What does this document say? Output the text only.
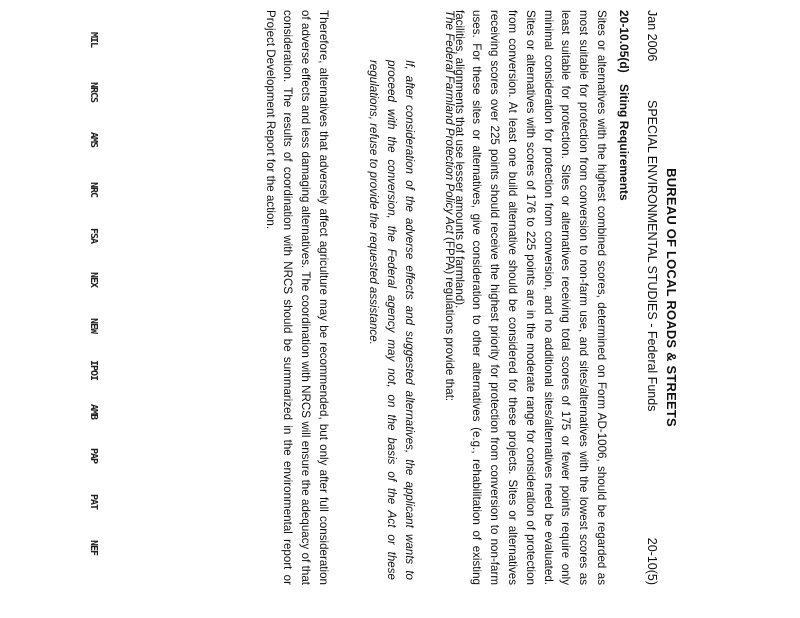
BUREAU OF LOCAL ROADS & STREETS
Jan 2006
SPECIAL ENVIRONMENTAL STUDIES - Federal Funds
20-10(5)
20-10.05(d) Siting Requirements
Sites or alternatives with the highest combined scores, determined on Form AD-1006, should be regarded as most suitable for protection from conversion to non-farm use, and sites/alternatives with the lowest scores as least suitable for protection. Sites or alternatives receiving total scores of 175 or fewer points require only minimal consideration for protection from conversion, and no additional sites/alternatives need be evaluated. Sites or alternatives with scores of 176 to 225 points are in the moderate range for consideration of protection from conversion. At least one build alternative should be considered for these projects. Sites or alternatives receiving scores over 225 points should receive the highest priority for protection from conversion to non-farm uses. For these sites or alternatives, give consideration to other alternatives (e.g., rehabilitation of existing facilities, alignments that use lesser amounts of farmland).
The Federal Farmland Protection Policy Act (FPPA) regulations provide that:
If, after consideration of the adverse effects and suggested alternatives, the applicant wants to proceed with the conversion, the Federal agency may not, on the basis of the Act or these regulations, refuse to provide the requested assistance.
Therefore, alternatives that adversely affect agriculture may be recommended, but only after full consideration of adverse effects and less damaging alternatives. The coordination with NRCS will ensure the adequacy of that consideration. The results of coordination with NRCS should be summarized in the environmental report or Project Development Report for the action.
MIL
NRCS
AMS
NRC
FSA
NEX
NEW
IPOI
AMB
PAP
PAT
NEF
